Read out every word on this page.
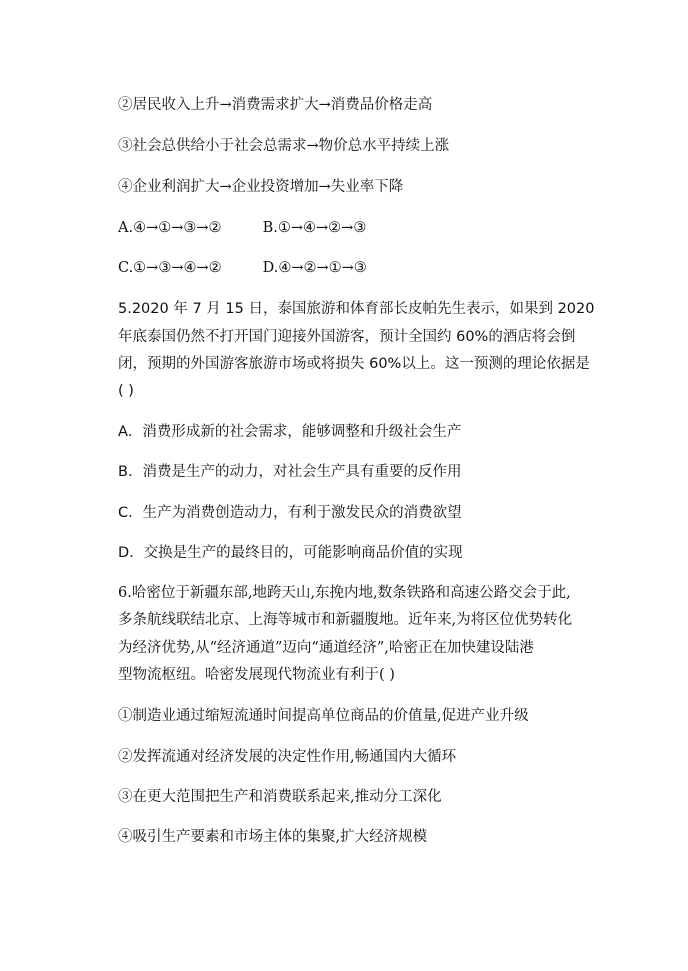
②居民收入上升→消费需求扩大→消费品价格走高
③社会总供给小于社会总需求→物价总水平持续上涨
④企业利润扩大→企业投资增加→失业率下降
A.④→①→③→②	B.①→④→②→③
C.①→③→④→②	D.④→②→①→③
5.2020 年 7 月 15 日，泰国旅游和体育部长皮帕先生表示，如果到 2020
年底泰国仍然不打开国门迎接外国游客，预计全国约 60%的酒店将会倒
闭，预期的外国游客旅游市场或将损失 60%以上。这一预测的理论依据是
( )
A．消费形成新的社会需求，能够调整和升级社会生产
B．消费是生产的动力，对社会生产具有重要的反作用
C．生产为消费创造动力，有利于激发民众的消费欲望
D．交换是生产的最终目的，可能影响商品价值的实现
6.哈密位于新疆东部,地跨天山,东挽内地,数条铁路和高速公路交会于此,
多条航线联结北京、上海等城市和新疆腹地。近年来,为将区位优势转化
为经济优势,从“经济通道”迈向“通道经济”,哈密正在加快建设陆港
型物流枢纽。哈密发展现代物流业有利于( )
①制造业通过缩短流通时间提高单位商品的价值量,促进产业升级
②发挥流通对经济发展的决定性作用,畅通国内大循环
③在更大范围把生产和消费联系起来,推动分工深化
④吸引生产要素和市场主体的集聚,扩大经济规模
